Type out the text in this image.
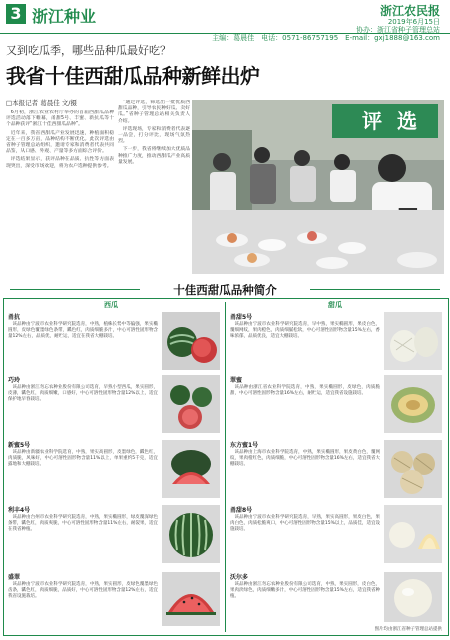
3 浙江种业	浙江农民报
2019年6月15日
协办：浙江省种子管理总站
主编：葛晨佳　电话：0571-86757195　E-mail：gxj1888@163.com
又到吃瓜季，哪些品种瓜最好吃？
我省十佳西甜瓜品种新鲜出炉
□本报记者 葛晨佳 文/摄

6月初，浙江农业农村厅举办的首届西甜瓜品种评选活动落下帷幕，甬甜5号、丰蜜、新抗瓜等十个品种获评“浙江十佳西甜瓜品种”。

近年来，我省西甜瓜产业发展迅速，种植面积稳定在一百多万亩，品种结构不断优化。此次评选由省种子管理总站组织，邀请专家和消费者代表共同品鉴，从口感、外观、产量等多方面综合评价。

评选结果显示，获评品种在品质、抗性等方面表现突出，深受市场欢迎，将为农户选种提供参考。

“通过评选，筛选出一批优质西甜瓜品种，引导农民种好瓜、卖好瓜。”省种子管理总站相关负责人介绍。

评选现场，专家和消费者代表逐一品尝，打分评比，现场气氛热烈。

下一步，我省将继续加大优质品种推广力度，推动西甜瓜产业高质量发展。

评 选
十佳西甜瓜品种简介
西瓜	甜瓜
甬抗

该品种由宁波市农业科学研究院选育，中熟，植株长势中等偏强，果实椭圆形，皮绿色覆墨绿色条带，瓤色红，肉质细脆多汁，中心可溶性固形物含量12%左右，品质优，耐贮运，适宜在我省大棚栽培。

巧玲

该品种由浙江勿忘农种业股份有限公司选育，早熟小型西瓜，果实圆形，皮薄，瓤色红，肉质细嫩，口感好，中心可溶性固形物含量12%以上，适宜保护地早春栽培。

新蜜5号

该品种由新疆农业科学院选育，中熟，果实高圆形，皮墨绿色，瓤色红，肉质脆，风味好，中心可溶性固形物含量11%以上，单果重约5千克，适宜露地和大棚栽培。

利丰4号

该品种由台州市农业科学研究院选育，中熟，果实椭圆形，绿皮覆深绿色条带，瓤色红，肉质爽脆，中心可溶性固形物含量11%左右，耐裂果，适宜在我省种植。

盛翠

该品种由宁波市农业科学研究院选育，中熟，果实圆形，皮绿色覆墨绿色齿条，瓤色红，肉质细脆，品质好，中心可溶性固形物含量12%左右，适宜我省设施栽培。

甬甜5号

该品种由宁波市农业科学研究院选育，早中熟，果实椭圆形，果皮白色，覆细网纹，果肉橙色，肉质细腻松软，中心可溶性固形物含量15%左右，香味浓郁，品质优良，适宜大棚栽培。

翠蜜

该品种由浙江省农业科学院选育，中熟，果实椭圆形，皮绿色，肉质脆甜，中心可溶性固形物含量16%左右，耐贮运，适宜我省设施栽培。

东方蜜1号

该品种由上海市农业科学院选育，中熟，果实椭圆形，果皮黄白色，覆网纹，果肉橙红色，肉质细脆，中心可溶性固形物含量16%左右，适宜我省大棚栽培。

甬甜8号

该品种由宁波市农业科学研究院选育，早熟，果实高圆形，果皮白色，果肉白色，肉质松脆爽口，中心可溶性固形物含量15%以上，品质佳，适宜设施栽培。

沃尔多

该品种由浙江勿忘农种业股份有限公司选育，中熟，果实圆形，皮白色，果肉淡绿色，肉质细嫩多汁，中心可溶性固形物含量15%左右，适宜我省种植。

图片均由浙江省种子管理总站提供
